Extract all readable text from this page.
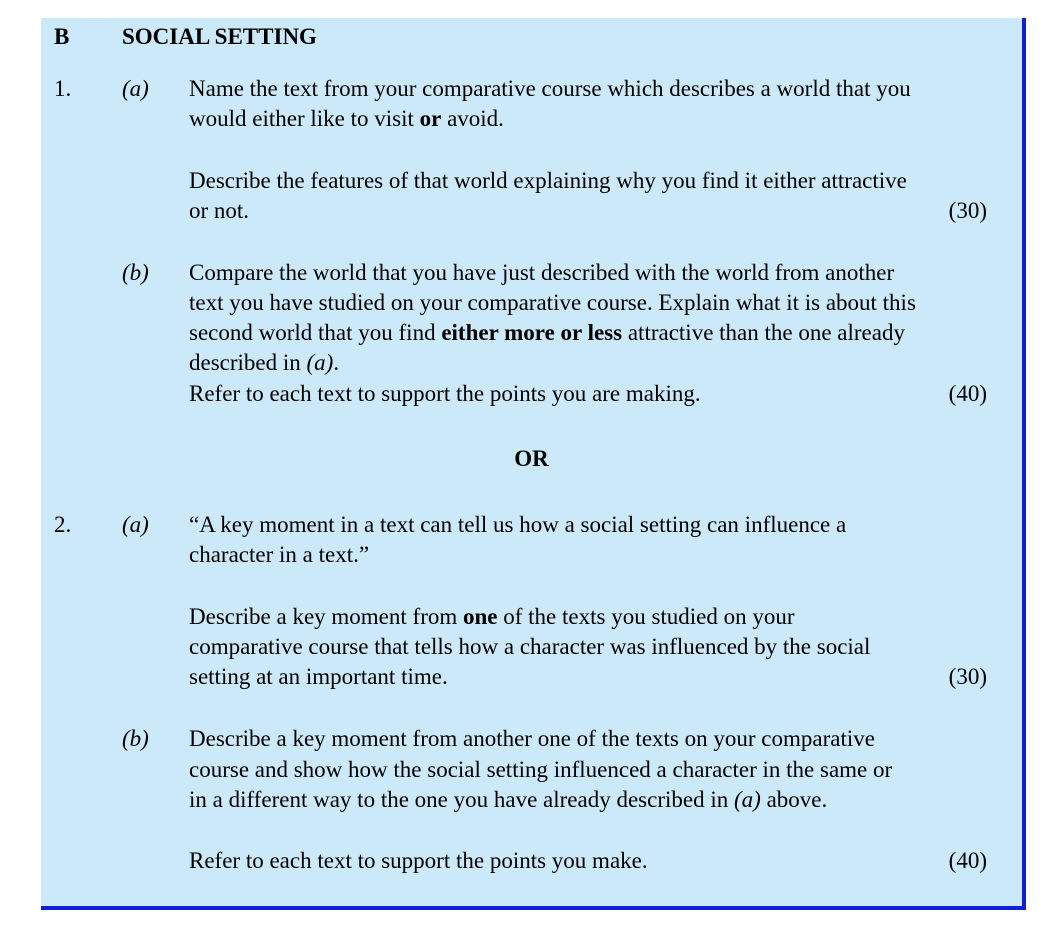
B SOCIAL SETTING
1. (a) Name the text from your comparative course which describes a world that you
would either like to visit or avoid.
Describe the features of that world explaining why you find it either attractive
or not.	(30)
(b) Compare the world that you have just described with the world from another
text you have studied on your comparative course. Explain what it is about this
second world that you find either more or less attractive than the one already
described in (a).
Refer to each text to support the points you are making.	(40)
OR
2. (a) “A key moment in a text can tell us how a social setting can influence a
character in a text.”
Describe a key moment from one of the texts you studied on your
comparative course that tells how a character was influenced by the social
setting at an important time.	(30)
(b) Describe a key moment from another one of the texts on your comparative
course and show how the social setting influenced a character in the same or
in a different way to the one you have already described in (a) above.
Refer to each text to support the points you make.	(40)
